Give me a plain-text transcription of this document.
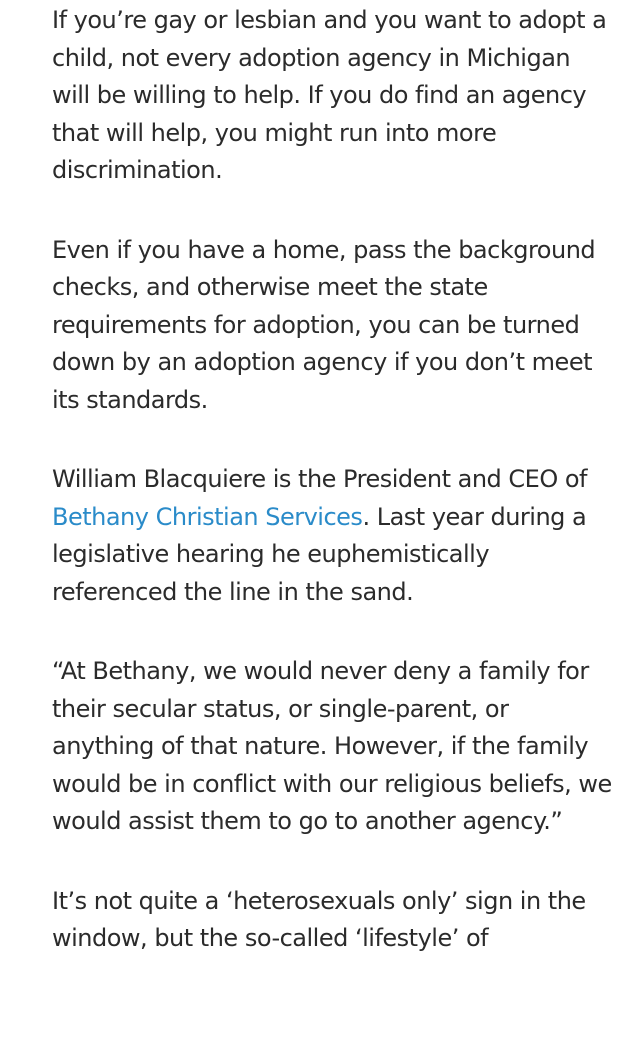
If you’re gay or lesbian and you want to adopt a child, not every adoption agency in Michigan will be willing to help. If you do find an agency that will help, you might run into more discrimination.

Even if you have a home, pass the background checks, and otherwise meet the state requirements for adoption, you can be turned down by an adoption agency if you don’t meet its standards.

William Blacquiere is the President and CEO of Bethany Christian Services. Last year during a legislative hearing he euphemistically referenced the line in the sand.

“At Bethany, we would never deny a family for their secular status, or single-parent, or anything of that nature. However, if the family would be in conflict with our religious beliefs, we would assist them to go to another agency.”

It’s not quite a ‘heterosexuals only’ sign in the window, but the so-called ‘lifestyle’ of
